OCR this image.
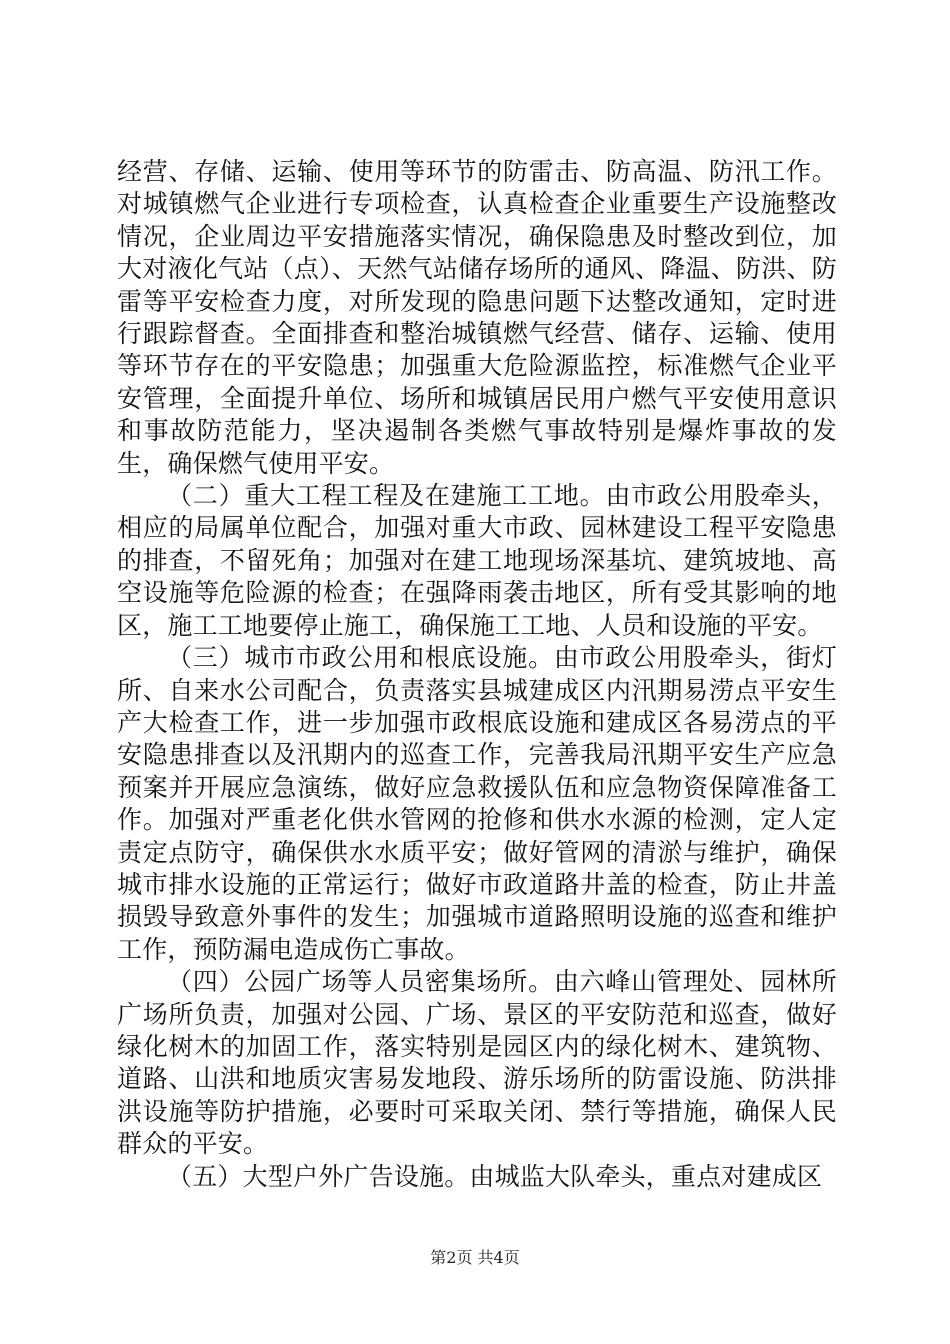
经营、存储、运输、使用等环节的防雷击、防高温、防汛工作。对城镇燃气企业进行专项检查，认真检查企业重要生产设施整改情况，企业周边平安措施落实情况，确保隐患及时整改到位，加大对液化气站（点）、天然气站储存场所的通风、降温、防洪、防雷等平安检查力度，对所发现的隐患问题下达整改通知，定时进行跟踪督查。全面排查和整治城镇燃气经营、储存、运输、使用等环节存在的平安隐患；加强重大危险源监控，标准燃气企业平安管理，全面提升单位、场所和城镇居民用户燃气平安使用意识和事故防范能力，坚决遏制各类燃气事故特别是爆炸事故的发生，确保燃气使用平安。

（二）重大工程工程及在建施工工地。由市政公用股牵头，相应的局属单位配合，加强对重大市政、园林建设工程平安隐患的排查，不留死角；加强对在建工地现场深基坑、建筑坡地、高空设施等危险源的检查；在强降雨袭击地区，所有受其影响的地区，施工工地要停止施工，确保施工工地、人员和设施的平安。

（三）城市市政公用和根底设施。由市政公用股牵头，街灯所、自来水公司配合，负责落实县城建成区内汛期易涝点平安生产大检查工作，进一步加强市政根底设施和建成区各易涝点的平安隐患排查以及汛期内的巡查工作，完善我局汛期平安生产应急预案并开展应急演练，做好应急救援队伍和应急物资保障准备工作。加强对严重老化供水管网的抢修和供水水源的检测，定人定责定点防守，确保供水水质平安；做好管网的清淤与维护，确保城市排水设施的正常运行；做好市政道路井盖的检查，防止井盖损毁导致意外事件的发生；加强城市道路照明设施的巡查和维护工作，预防漏电造成伤亡事故。

（四）公园广场等人员密集场所。由六峰山管理处、园林所广场所负责，加强对公园、广场、景区的平安防范和巡查，做好绿化树木的加固工作，落实特别是园区内的绿化树木、建筑物、道路、山洪和地质灾害易发地段、游乐场所的防雷设施、防洪排洪设施等防护措施，必要时可采取关闭、禁行等措施，确保人民群众的平安。

（五）大型户外广告设施。由城监大队牵头，重点对建成区

第2页 共4页
